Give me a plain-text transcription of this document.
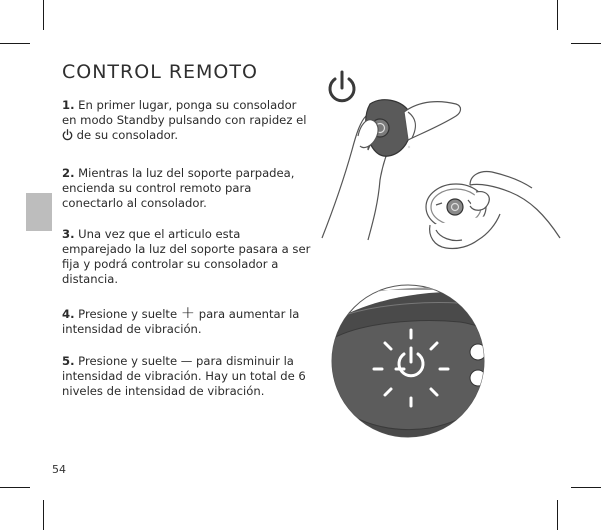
CONTROL REMOTO
1. En primer lugar, ponga su consolador en modo Standby pulsando con rapidez el  de su consolador.
2. Mientras la luz del soporte parpadea, encienda su control remoto para conectarlo al consolador.
3. Una vez que el articulo esta emparejado la luz del soporte pasara a ser fija y podrá controlar su consolador a distancia.
4. Presione y suelte + para aumentar la intensidad de vibración.
5. Presione y suelte — para disminuir la intensidad de vibración. Hay un total de 6 niveles de intensidad de vibración.
54
